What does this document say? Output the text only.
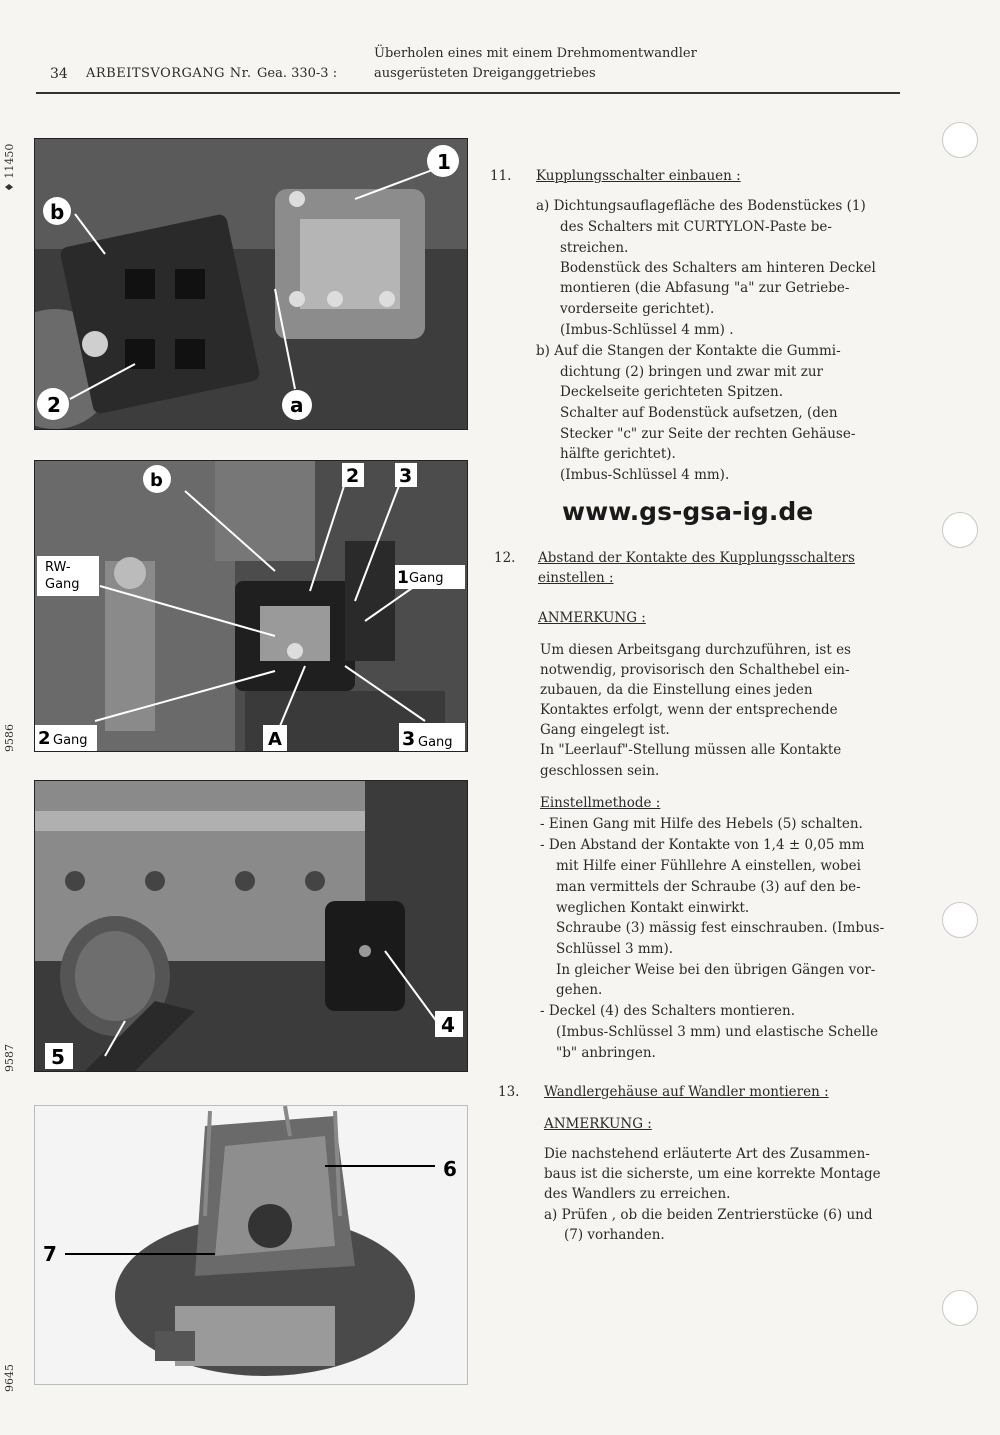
34 ARBEITSVORGANG Nr. Gea. 330-3 :
Überholen eines mit einem Drehmomentwandler
ausgerüsteten Dreiganggetriebes
♦ 11450	1
b
2	a
9586
b	2 3
RW-
Gang	1 Gang
2 Gang	A	3 Gang
9587 5
4
9645
6
7
www.gs-gsa-ig.de
11. Kupplungsschalter einbauen :
a) Dichtungsauflagefläche des Bodenstückes (1)
des Schalters mit CURTYLON-Paste be-
streichen.
Bodenstück des Schalters am hinteren Deckel
montieren (die Abfasung "a" zur Getriebe-
vorderseite gerichtet).
(Imbus-Schlüssel 4 mm) .
b) Auf die Stangen der Kontakte die Gummi-
dichtung (2) bringen und zwar mit zur
Deckelseite gerichteten Spitzen.
Schalter auf Bodenstück aufsetzen, (den
Stecker "c" zur Seite der rechten Gehäuse-
hälfte gerichtet).
(Imbus-Schlüssel 4 mm).
12. Abstand der Kontakte des Kupplungsschalters
einstellen :
ANMERKUNG :
Um diesen Arbeitsgang durchzuführen, ist es
notwendig, provisorisch den Schalthebel ein-
zubauen, da die Einstellung eines jeden
Kontaktes erfolgt, wenn der entsprechende
Gang eingelegt ist.
In "Leerlauf"-Stellung müssen alle Kontakte
geschlossen sein.
Einstellmethode :
- Einen Gang mit Hilfe des Hebels (5) schalten.
- Den Abstand der Kontakte von 1,4 ± 0,05 mm
mit Hilfe einer Fühllehre A einstellen, wobei
man vermittels der Schraube (3) auf den be-
weglichen Kontakt einwirkt.
Schraube (3) mässig fest einschrauben. (Imbus-
Schlüssel 3 mm).
In gleicher Weise bei den übrigen Gängen vor-
gehen.
- Deckel (4) des Schalters montieren.
(Imbus-Schlüssel 3 mm) und elastische Schelle
"b" anbringen.
13. Wandlergehäuse auf Wandler montieren :
ANMERKUNG :
Die nachstehend erläuterte Art des Zusammen-
baus ist die sicherste, um eine korrekte Montage
des Wandlers zu erreichen.
a) Prüfen , ob die beiden Zentrierstücke (6) und
(7) vorhanden.
